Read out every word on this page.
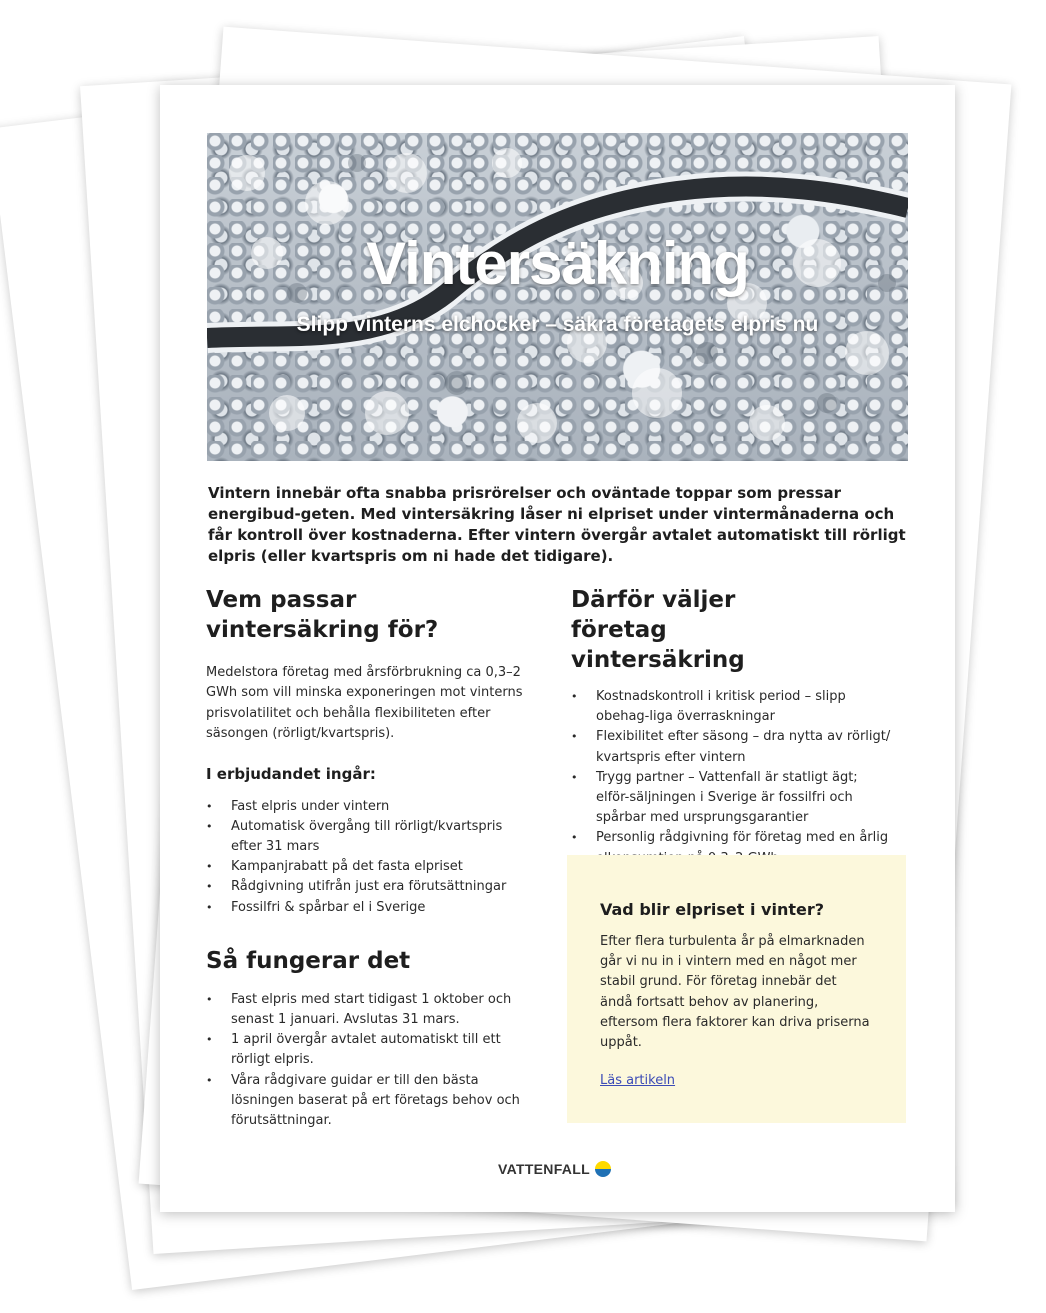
Vintersäkning
Slipp vinterns elchocker – säkra företagets elpris nu

Vintern innebär ofta snabba prisrörelser och oväntade toppar som pressar energibud-geten. Med vintersäkring låser ni elpriset under vintermånaderna och får kontroll över kostnaderna. Efter vintern övergår avtalet automatiskt till rörligt elpris (eller kvartspris om ni hade det tidigare).

Vem passar vintersäkring för?

Medelstora företag med årsförbrukning ca 0,3–2 GWh som vill minska exponeringen mot vinterns prisvolatilitet och behålla flexibiliteten efter säsongen (rörligt/kvartspris).

I erbjudandet ingår:
• Fast elpris under vintern
• Automatisk övergång till rörligt/kvartspris efter 31 mars
• Kampanjrabatt på det fasta elpriset
• Rådgivning utifrån just era förutsättningar
• Fossilfri & spårbar el i Sverige
Så fungerar det
• Fast elpris med start tidigast 1 oktober och senast 1 januari. Avslutas 31 mars.
• 1 april övergår avtalet automatiskt till ett rörligt elpris.
• Våra rådgivare guidar er till den bästa lösningen baserat på ert företags behov och förutsättningar.
Därför väljer företag vintersäkring
• Kostnadskontroll i kritisk period – slipp obehag-liga överraskningar
• Flexibilitet efter säsong – dra nytta av rörligt/ kvartspris efter vintern
• Trygg partner – Vattenfall är statligt ägt; elför-säljningen i Sverige är fossilfri och spårbar med ursprungsgarantier
• Personlig rådgivning för företag med en årlig
Vad blir elpriset i vinter?

Efter flera turbulenta år på elmarknaden går vi nu in i vintern med en något mer stabil grund. För företag innebär det ändå fortsatt behov av planering, eftersom flera faktorer kan driva priserna uppåt.

Läs artikeln
VATTENFALL
